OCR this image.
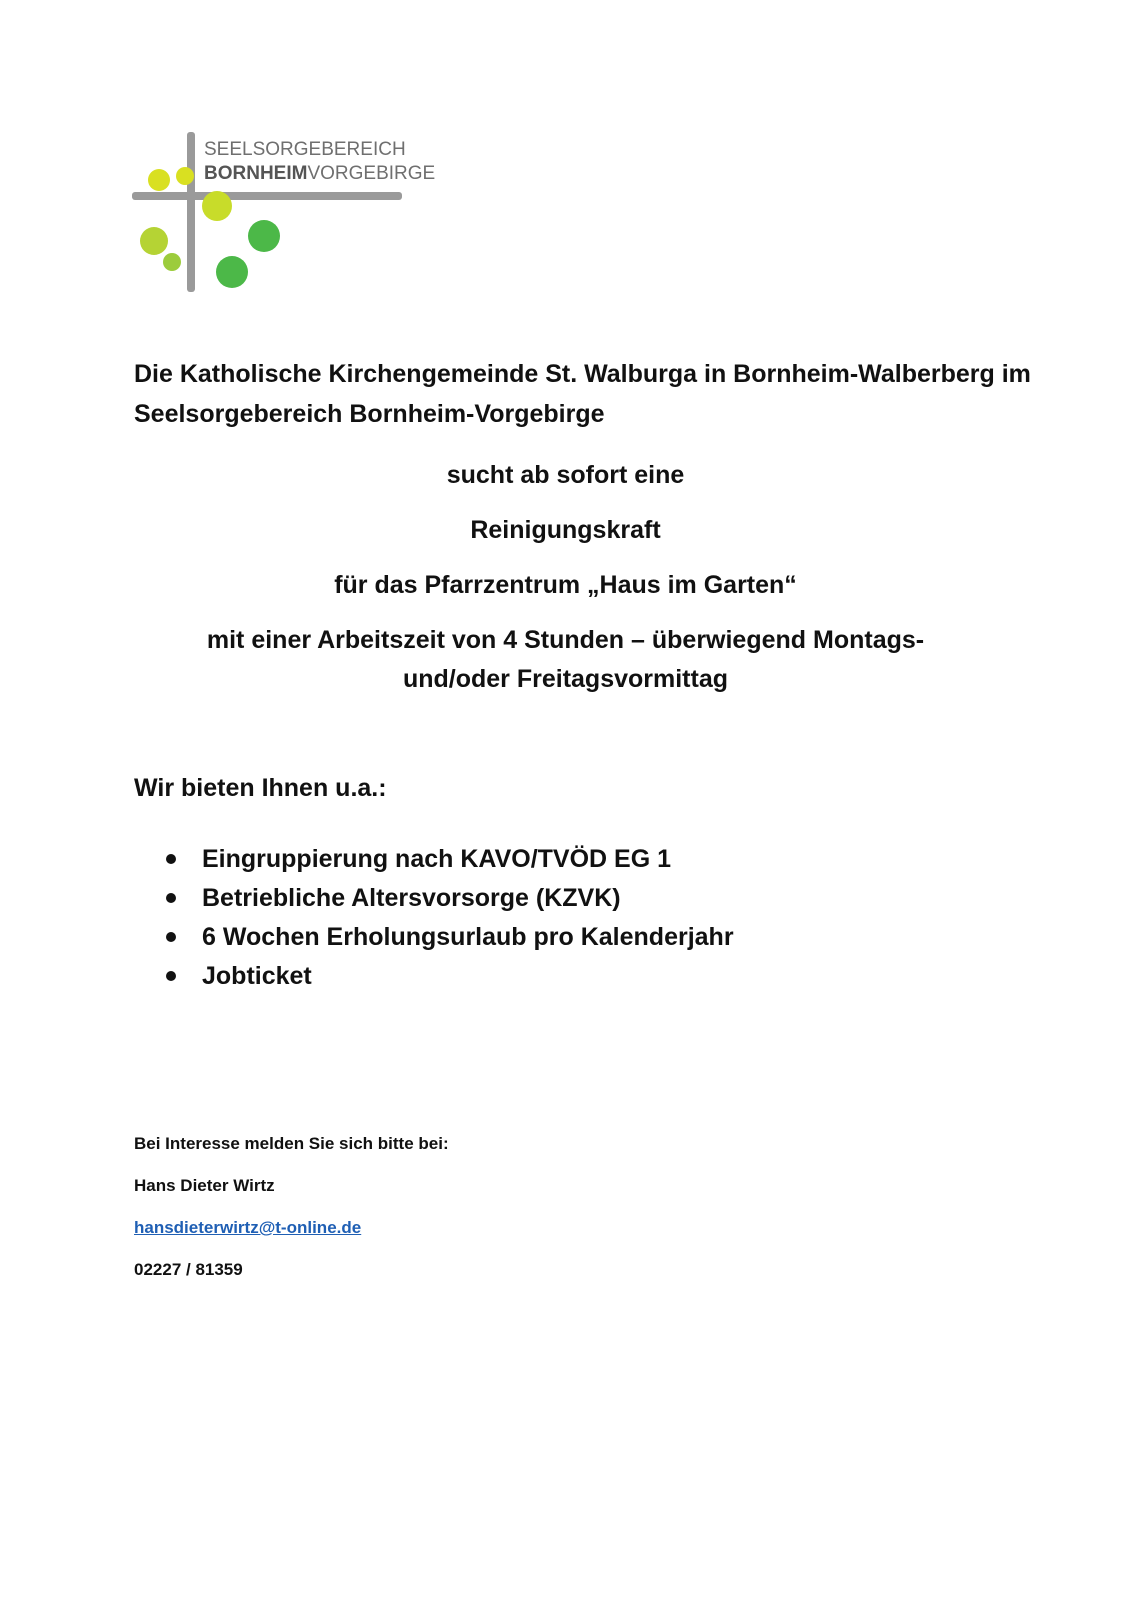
SEELSORGEBEREICH
BORNHEIMVORGEBIRGE

Die Katholische Kirchengemeinde St. Walburga in Bornheim-Walberberg im Seelsorgebereich Bornheim-Vorgebirge

sucht ab sofort eine

Reinigungskraft

für das Pfarrzentrum „Haus im Garten“

mit einer Arbeitszeit von 4 Stunden – überwiegend Montags-

und/oder Freitagsvormittag

Wir bieten Ihnen u.a.:

Eingruppierung nach KAVO/TVÖD EG 1
Betriebliche Altersvorsorge (KZVK)
6 Wochen Erholungsurlaub pro Kalenderjahr
Jobticket

Bei Interesse melden Sie sich bitte bei:

Hans Dieter Wirtz

hansdieterwirtz@t-online.de

02227 / 81359
